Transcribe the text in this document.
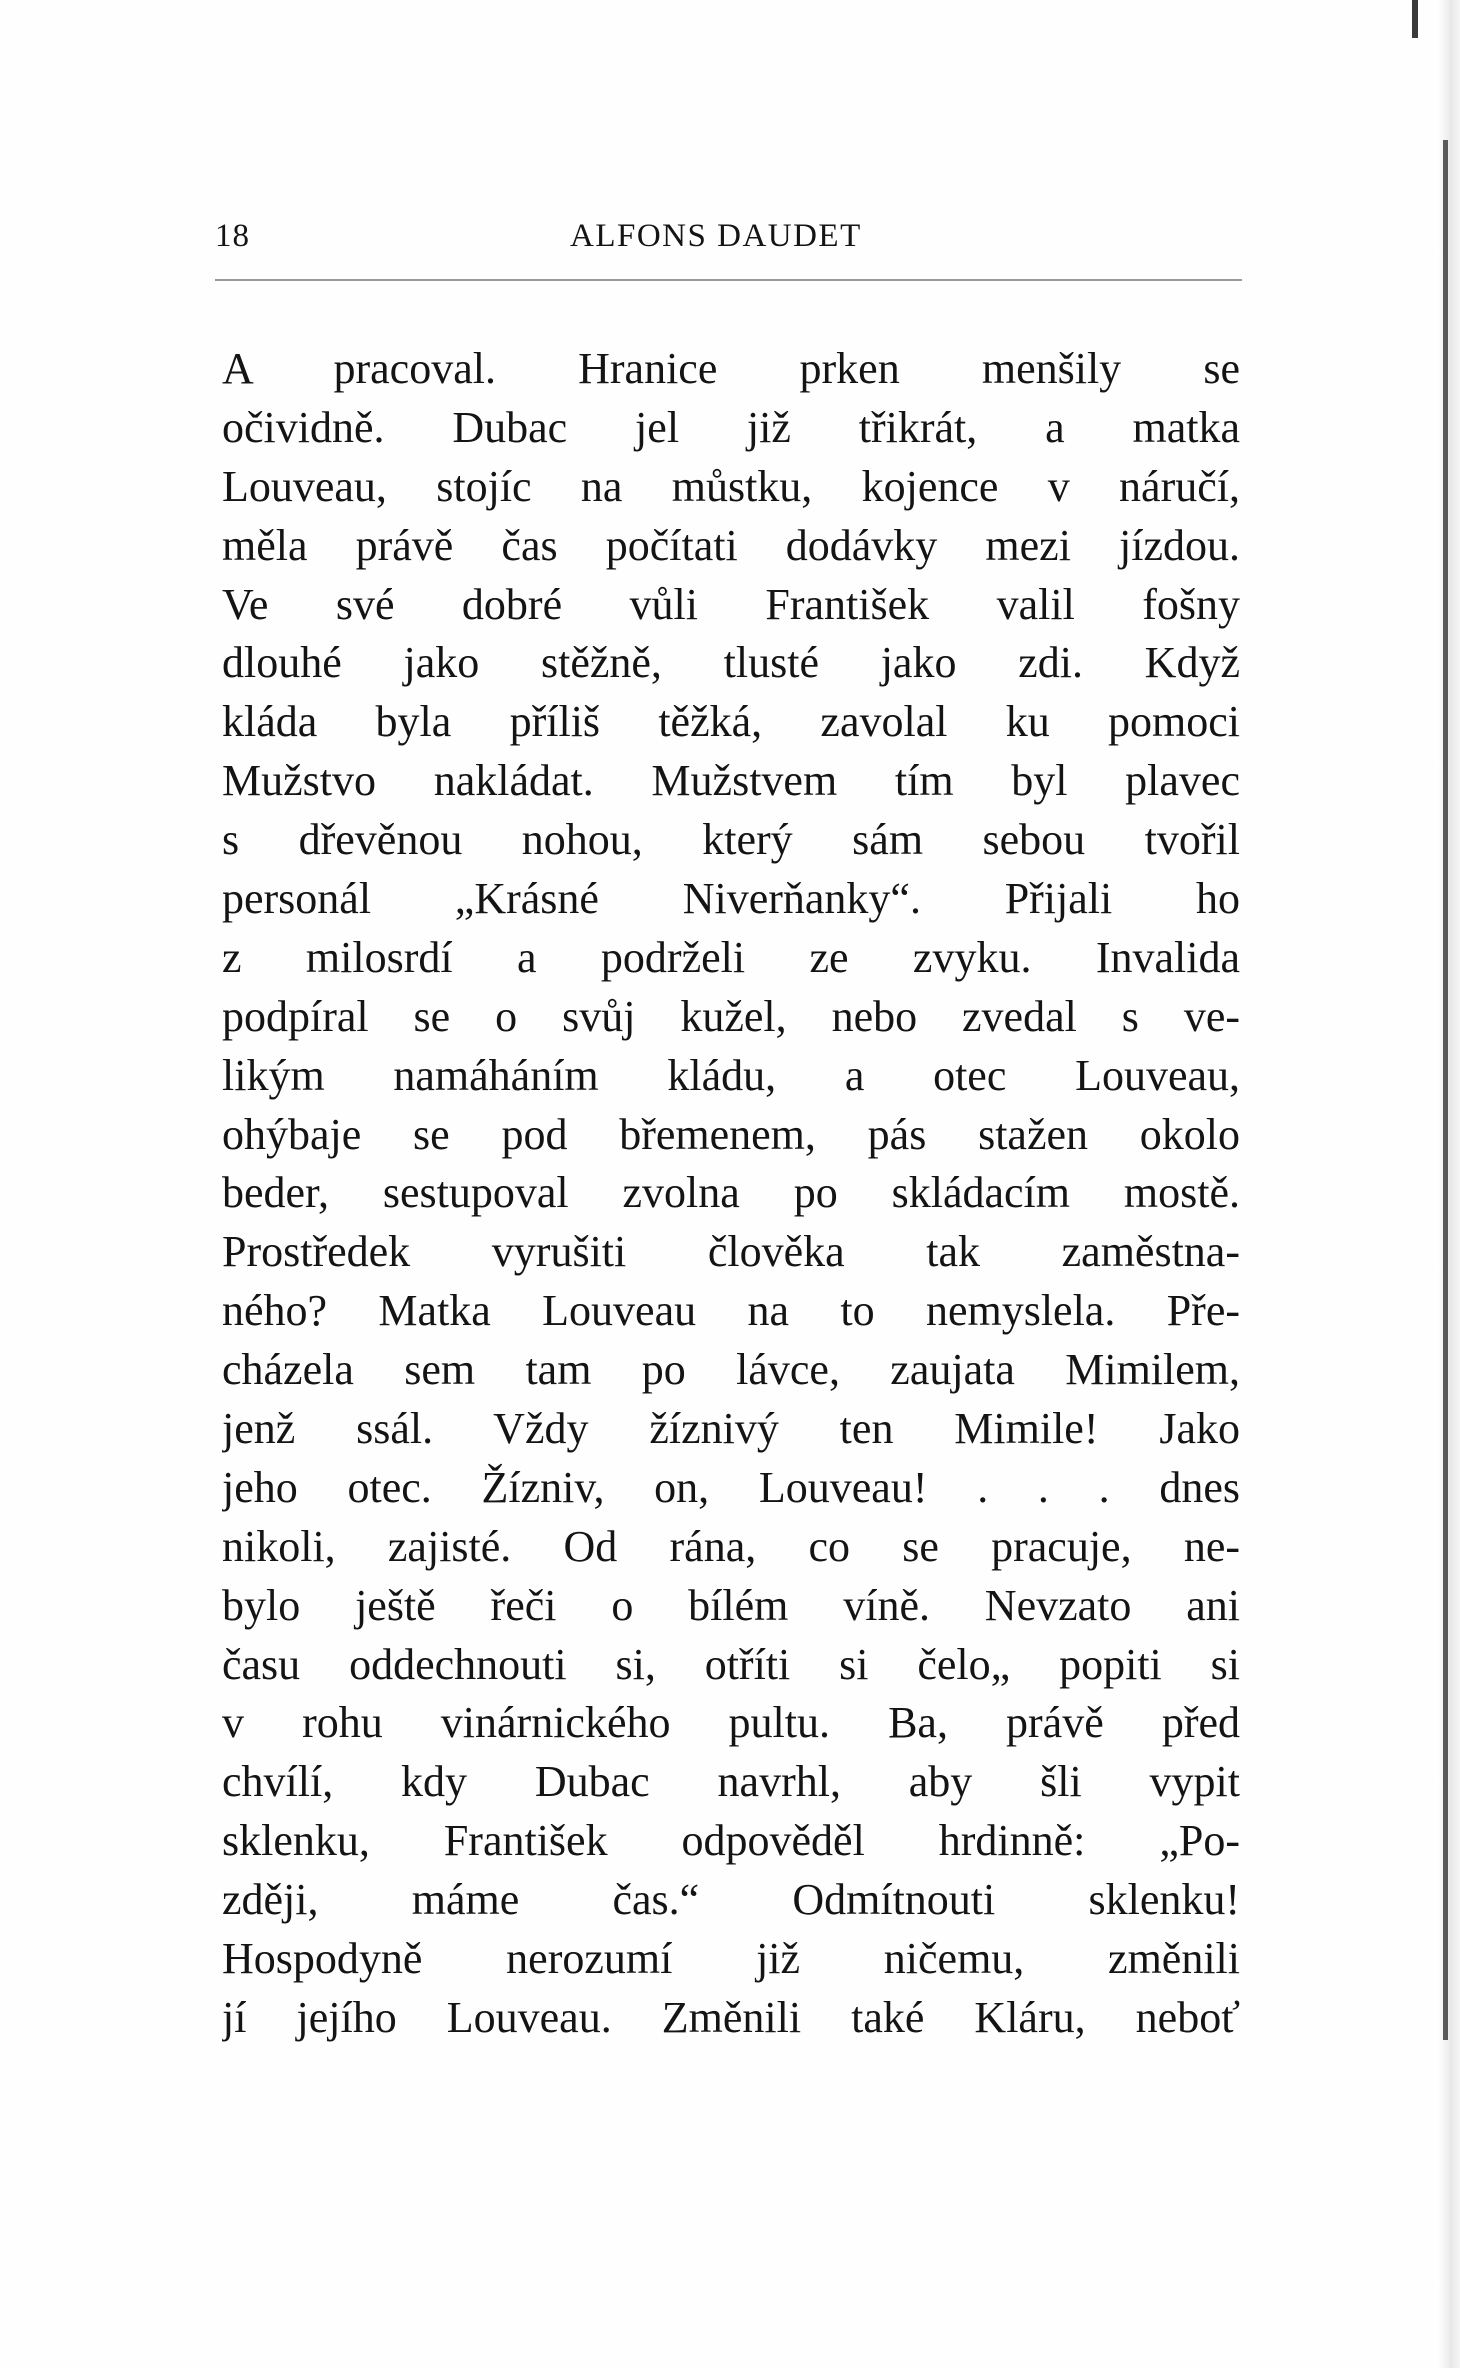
18	ALFONS DAUDET
A pracoval. Hranice prken menšily se
očividně. Dubac jel již třikrát, a matka
Louveau, stojíc na můstku, kojence v náručí,
měla právě čas počítati dodávky mezi jízdou.
Ve své dobré vůli František valil fošny
dlouhé jako stěžně, tlusté jako zdi. Když
kláda byla příliš těžká, zavolal ku pomoci
Mužstvo nakládat. Mužstvem tím byl plavec
s dřevěnou nohou, který sám sebou tvořil
personál „Krásné Niverňanky“. Přijali ho
z milosrdí a podrželi ze zvyku. Invalida
podpíral se o svůj kužel, nebo zvedal s ve-
likým namáháním kládu, a otec Louveau,
ohýbaje se pod břemenem, pás stažen okolo
beder, sestupoval zvolna po skládacím mostě.
Prostředek vyrušiti člověka tak zaměstna-
ného? Matka Louveau na to nemyslela. Pře-
cházela sem tam po lávce, zaujata Mimilem,
jenž ssál. Vždy žíznivý ten Mimile! Jako
jeho otec. Žízniv, on, Louveau! . . . dnes
nikoli, zajisté. Od rána, co se pracuje, ne-
bylo ještě řeči o bílém víně. Nevzato ani
času oddechnouti si, otříti si čelo„ popiti si
v rohu vinárnického pultu. Ba, právě před
chvílí, kdy Dubac navrhl, aby šli vypit
sklenku, František odpověděl hrdinně: „Po-
zději, máme čas.“ Odmítnouti sklenku!
Hospodyně nerozumí již ničemu, změnili
jí jejího Louveau. Změnili také Kláru, neboť
